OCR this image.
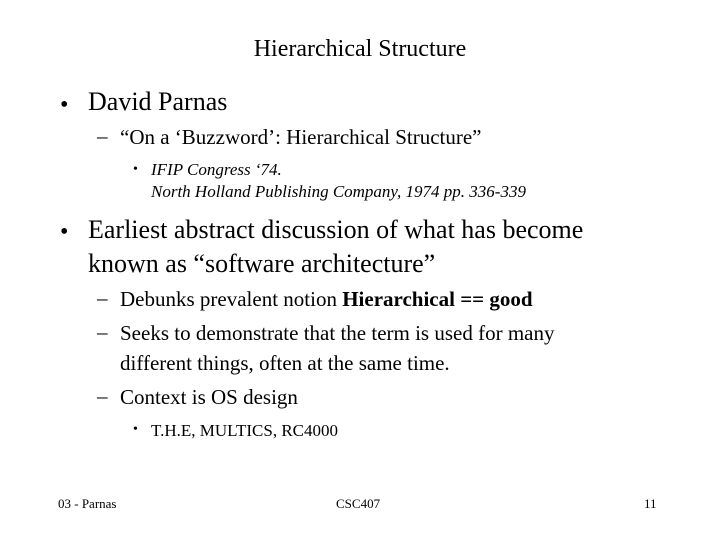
Hierarchical Structure
• David Parnas
– “On a ‘Buzzword’: Hierarchical Structure”
• IFIP Congress ‘74.
North Holland Publishing Company, 1974 pp. 336-339
• Earliest abstract discussion of what has become
known as “software architecture”
– Debunks prevalent notion Hierarchical == good
– Seeks to demonstrate that the term is used for many
different things, often at the same time.
– Context is OS design
• T.H.E, MULTICS, RC4000
03 - Parnas	CSC407	11
